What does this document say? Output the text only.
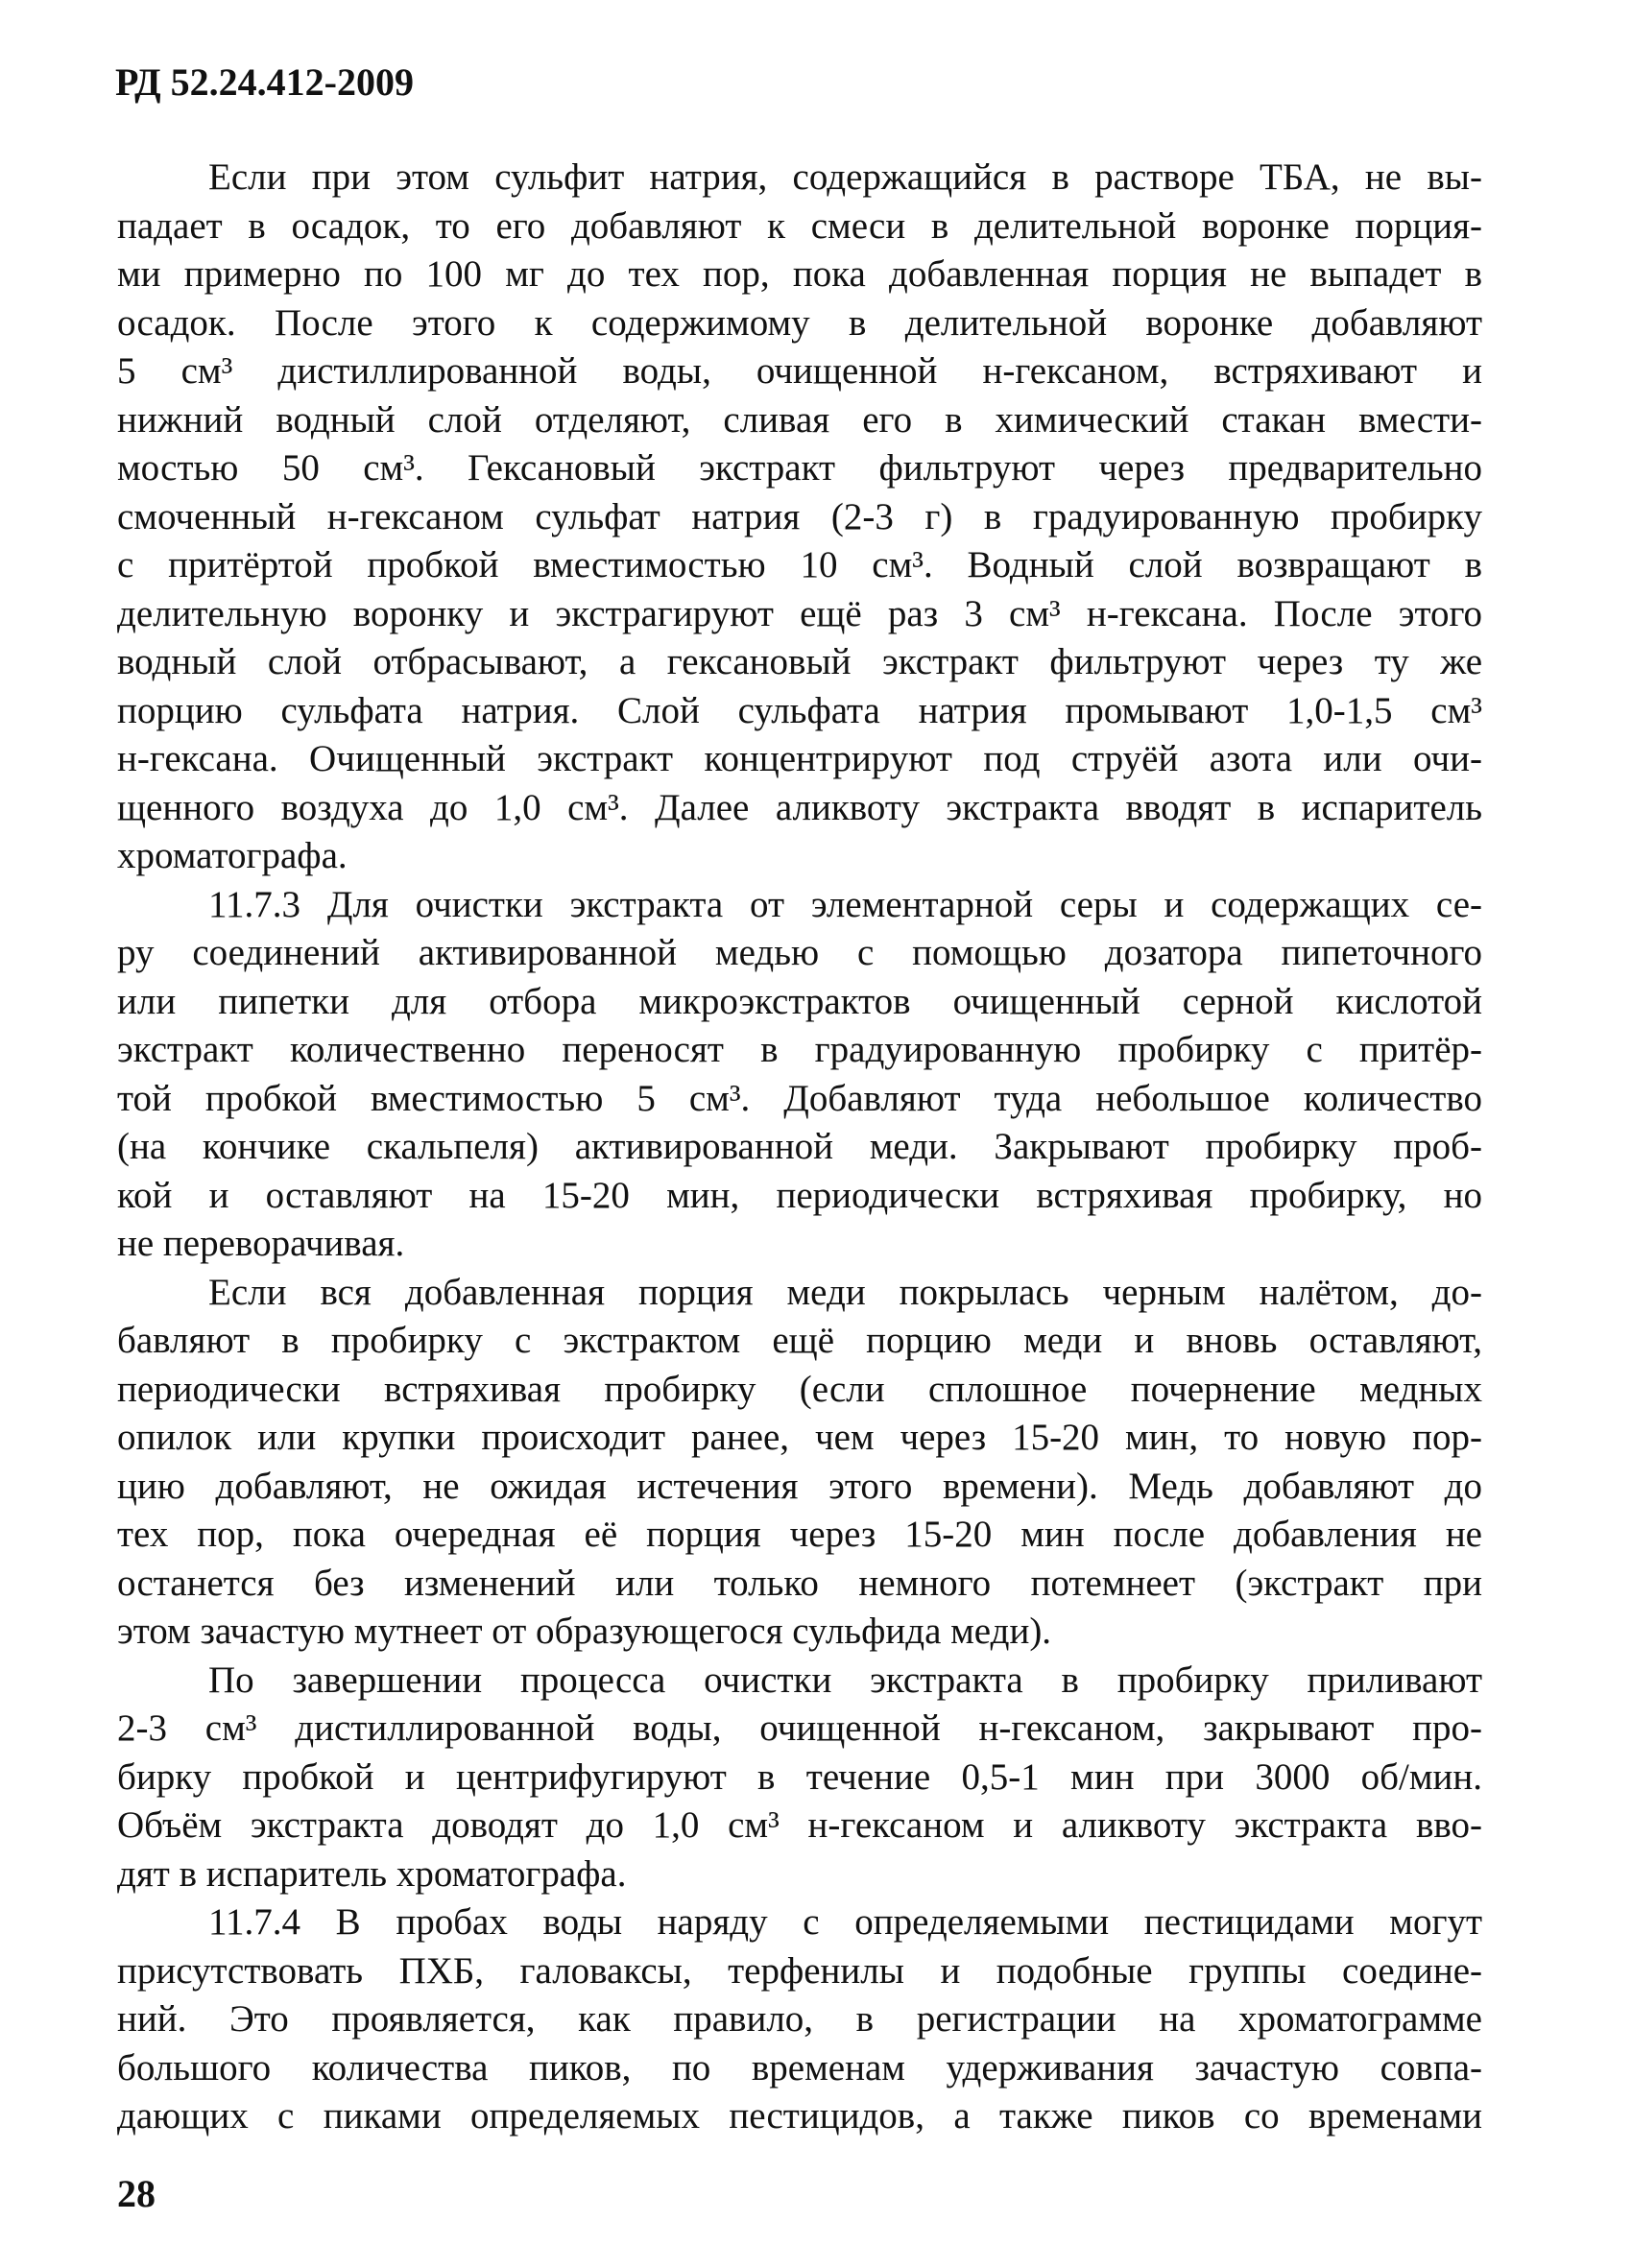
РД 52.24.412-2009
Если при этом сульфит натрия, содержащийся в растворе ТБА, не вы-
падает в осадок, то его добавляют к смеси в делительной воронке порция-
ми примерно по 100 мг до тех пор, пока добавленная порция не выпадет в
осадок. После этого к содержимому в делительной воронке добавляют
5 см³ дистиллированной воды, очищенной н-гексаном, встряхивают и
нижний водный слой отделяют, сливая его в химический стакан вмести-
мостью 50 см³. Гексановый экстракт фильтруют через предварительно
смоченный н-гексаном сульфат натрия (2-3 г) в градуированную пробирку
с притёртой пробкой вместимостью 10 см³. Водный слой возвращают в
делительную воронку и экстрагируют ещё раз 3 см³ н-гексана. После этого
водный слой отбрасывают, а гексановый экстракт фильтруют через ту же
порцию сульфата натрия. Слой сульфата натрия промывают 1,0-1,5 см³
н-гексана. Очищенный экстракт концентрируют под струёй азота или очи-
щенного воздуха до 1,0 см³. Далее аликвоту экстракта вводят в испаритель
хроматографа.
11.7.3 Для очистки экстракта от элементарной серы и содержащих се-
ру соединений активированной медью с помощью дозатора пипеточного
или пипетки для отбора микроэкстрактов очищенный серной кислотой
экстракт количественно переносят в градуированную пробирку с притёр-
той пробкой вместимостью 5 см³. Добавляют туда небольшое количество
(на кончике скальпеля) активированной меди. Закрывают пробирку проб-
кой и оставляют на 15-20 мин, периодически встряхивая пробирку, но
не переворачивая.
Если вся добавленная порция меди покрылась черным налётом, до-
бавляют в пробирку с экстрактом ещё порцию меди и вновь оставляют,
периодически встряхивая пробирку (если сплошное почернение медных
опилок или крупки происходит ранее, чем через 15-20 мин, то новую пор-
цию добавляют, не ожидая истечения этого времени). Медь добавляют до
тех пор, пока очередная её порция через 15-20 мин после добавления не
останется без изменений или только немного потемнеет (экстракт при
этом зачастую мутнеет от образующегося сульфида меди).
По завершении процесса очистки экстракта в пробирку приливают
2-3 см³ дистиллированной воды, очищенной н-гексаном, закрывают про-
бирку пробкой и центрифугируют в течение 0,5-1 мин при 3000 об/мин.
Объём экстракта доводят до 1,0 см³ н-гексаном и аликвоту экстракта вво-
дят в испаритель хроматографа.
11.7.4 В пробах воды наряду с определяемыми пестицидами могут
присутствовать ПХБ, галоваксы, терфенилы и подобные группы соедине-
ний. Это проявляется, как правило, в регистрации на хроматограмме
большого количества пиков, по временам удерживания зачастую совпа-
дающих с пиками определяемых пестицидов, а также пиков со временами
28
